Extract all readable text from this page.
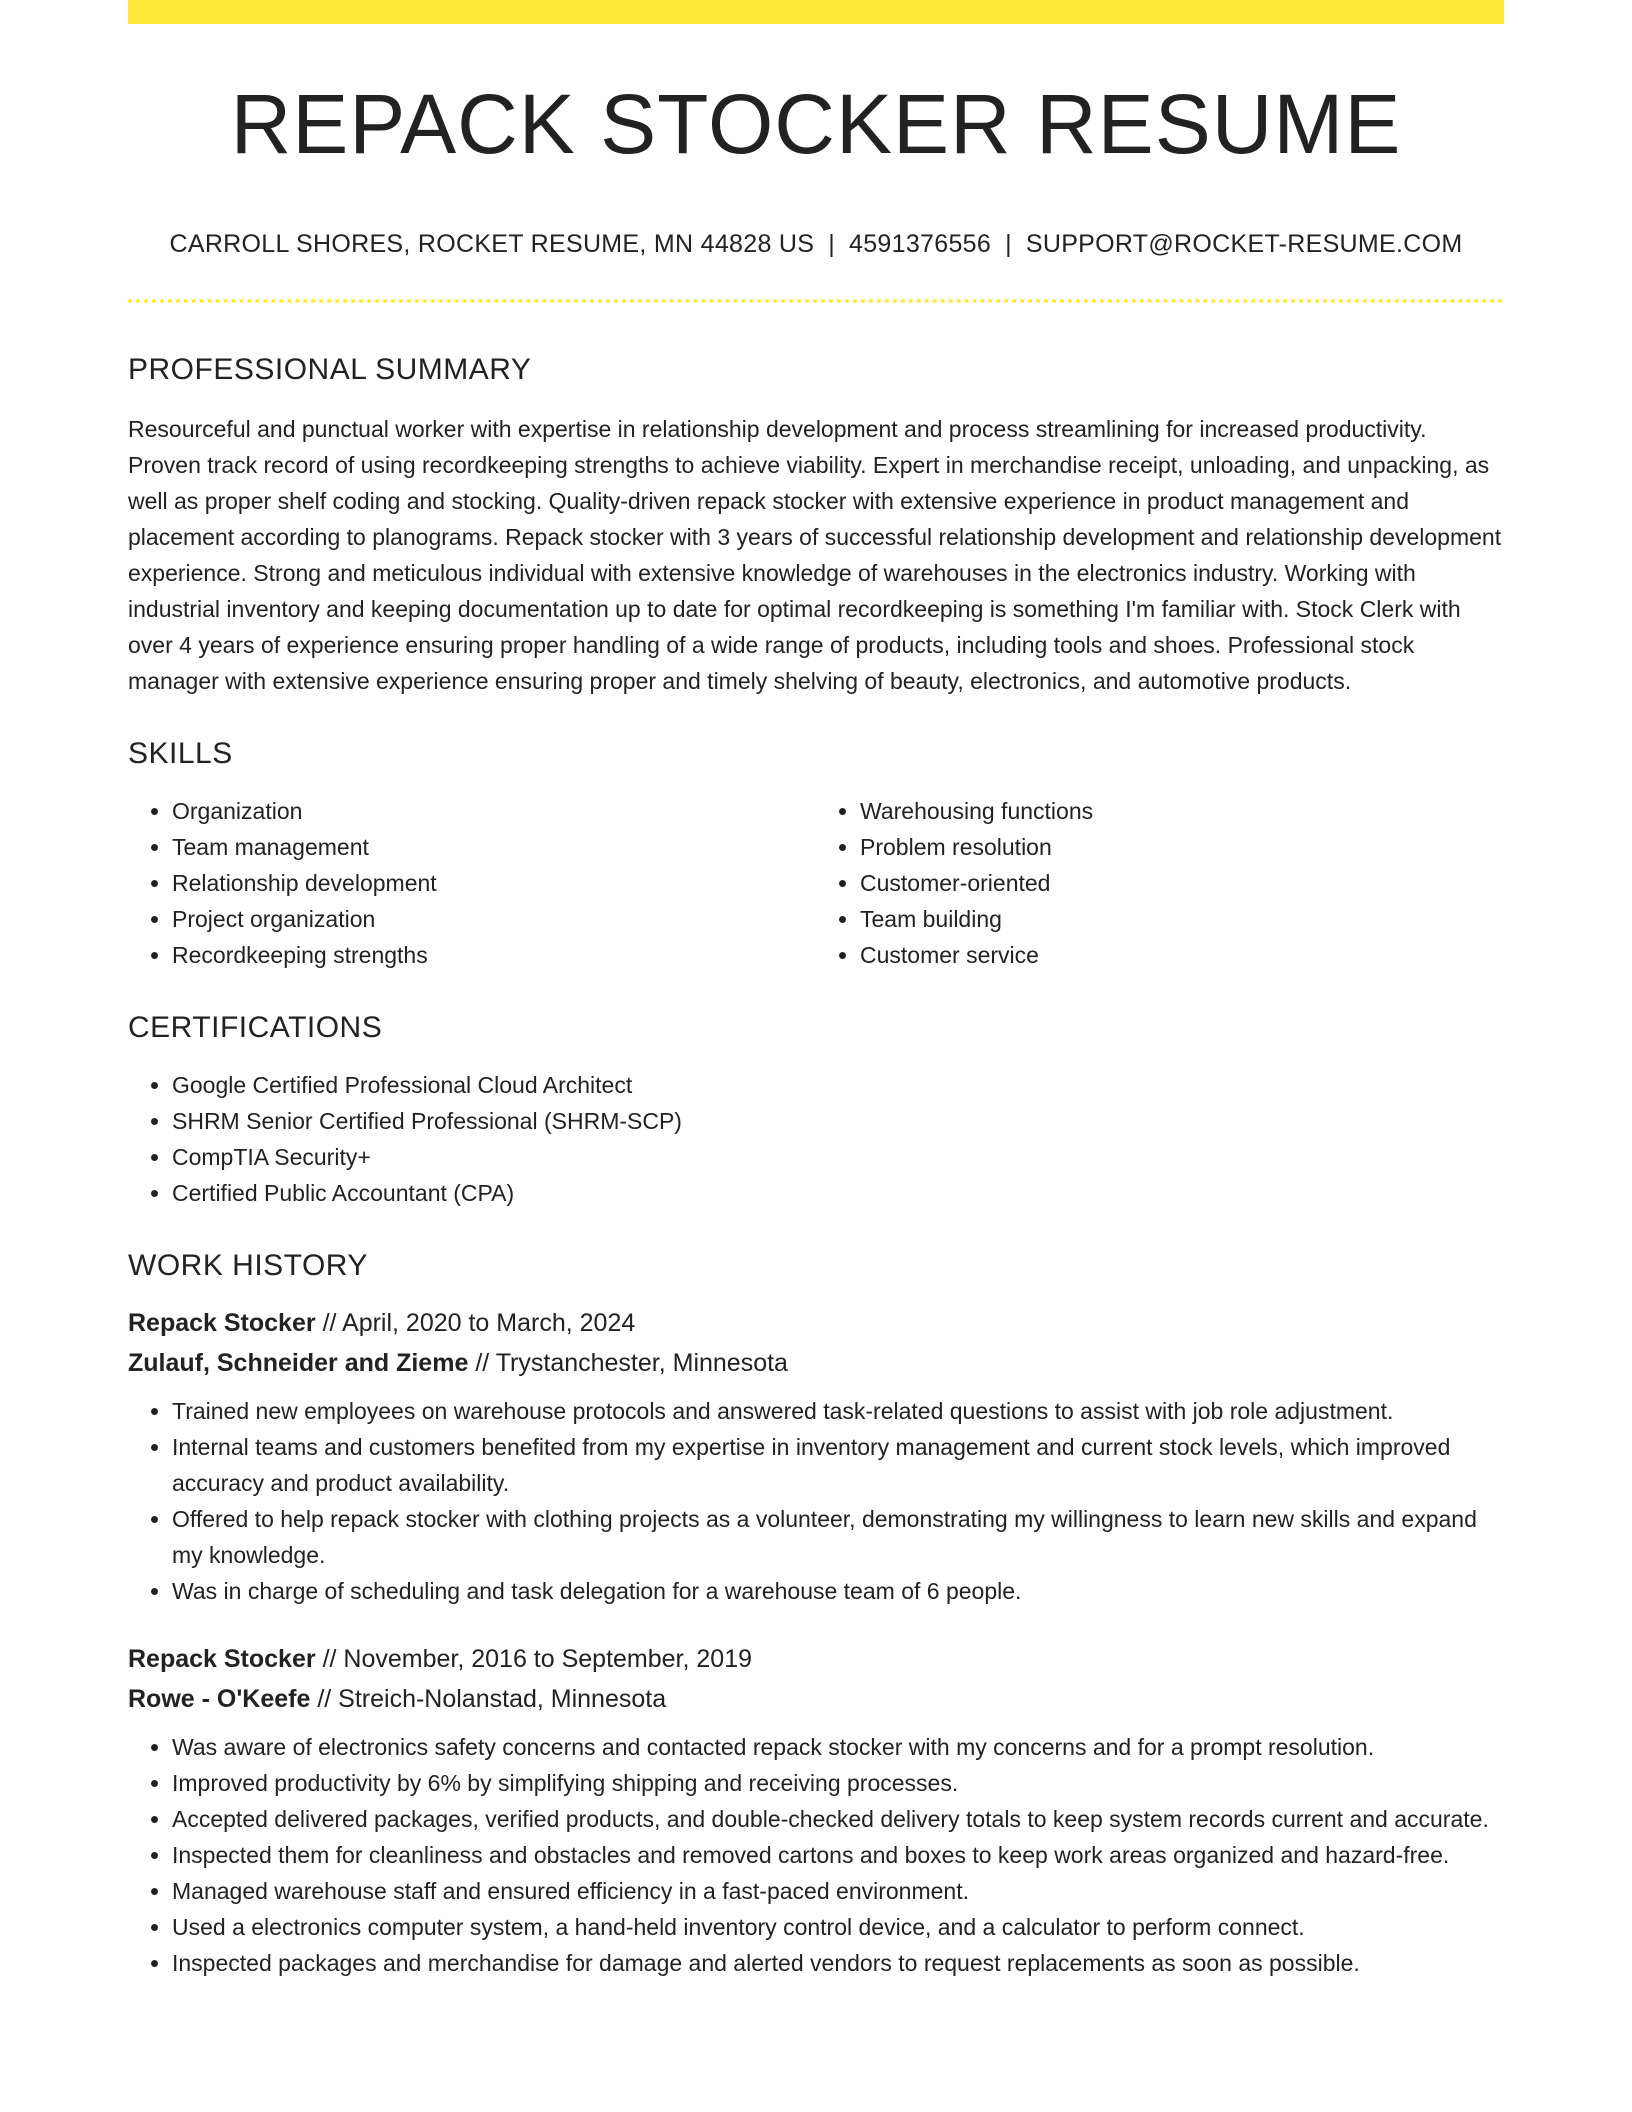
REPACK STOCKER RESUME
CARROLL SHORES, ROCKET RESUME, MN 44828 US | 4591376556 | SUPPORT@ROCKET-RESUME.COM
PROFESSIONAL SUMMARY

Resourceful and punctual worker with expertise in relationship development and process streamlining for increased productivity. Proven track record of using recordkeeping strengths to achieve viability. Expert in merchandise receipt, unloading, and unpacking, as well as proper shelf coding and stocking. Quality-driven repack stocker with extensive experience in product management and placement according to planograms. Repack stocker with 3 years of successful relationship development and relationship development experience. Strong and meticulous individual with extensive knowledge of warehouses in the electronics industry. Working with industrial inventory and keeping documentation up to date for optimal recordkeeping is something I'm familiar with. Stock Clerk with over 4 years of experience ensuring proper handling of a wide range of products, including tools and shoes. Professional stock manager with extensive experience ensuring proper and timely shelving of beauty, electronics, and automotive products.

SKILLS
• Organization
• Team management
• Relationship development
• Project organization
• Recordkeeping strengths
• Warehousing functions
• Problem resolution
• Customer-oriented
• Team building
• Customer service
CERTIFICATIONS
• Google Certified Professional Cloud Architect
• SHRM Senior Certified Professional (SHRM-SCP)
• CompTIA Security+
• Certified Public Accountant (CPA)
WORK HISTORY
Repack Stocker // April, 2020 to March, 2024
Zulauf, Schneider and Zieme // Trystanchester, Minnesota
• Trained new employees on warehouse protocols and answered task-related questions to assist with job role adjustment.
• Internal teams and customers benefited from my expertise in inventory management and current stock levels, which improved accuracy and product availability.
• Offered to help repack stocker with clothing projects as a volunteer, demonstrating my willingness to learn new skills and expand my knowledge.
• Was in charge of scheduling and task delegation for a warehouse team of 6 people.
Repack Stocker // November, 2016 to September, 2019
Rowe - O'Keefe // Streich-Nolanstad, Minnesota
• Was aware of electronics safety concerns and contacted repack stocker with my concerns and for a prompt resolution.
• Improved productivity by 6% by simplifying shipping and receiving processes.
• Accepted delivered packages, verified products, and double-checked delivery totals to keep system records current and accurate.
• Inspected them for cleanliness and obstacles and removed cartons and boxes to keep work areas organized and hazard-free.
• Managed warehouse staff and ensured efficiency in a fast-paced environment.
• Used a electronics computer system, a hand-held inventory control device, and a calculator to perform connect.
• Inspected packages and merchandise for damage and alerted vendors to request replacements as soon as possible.
